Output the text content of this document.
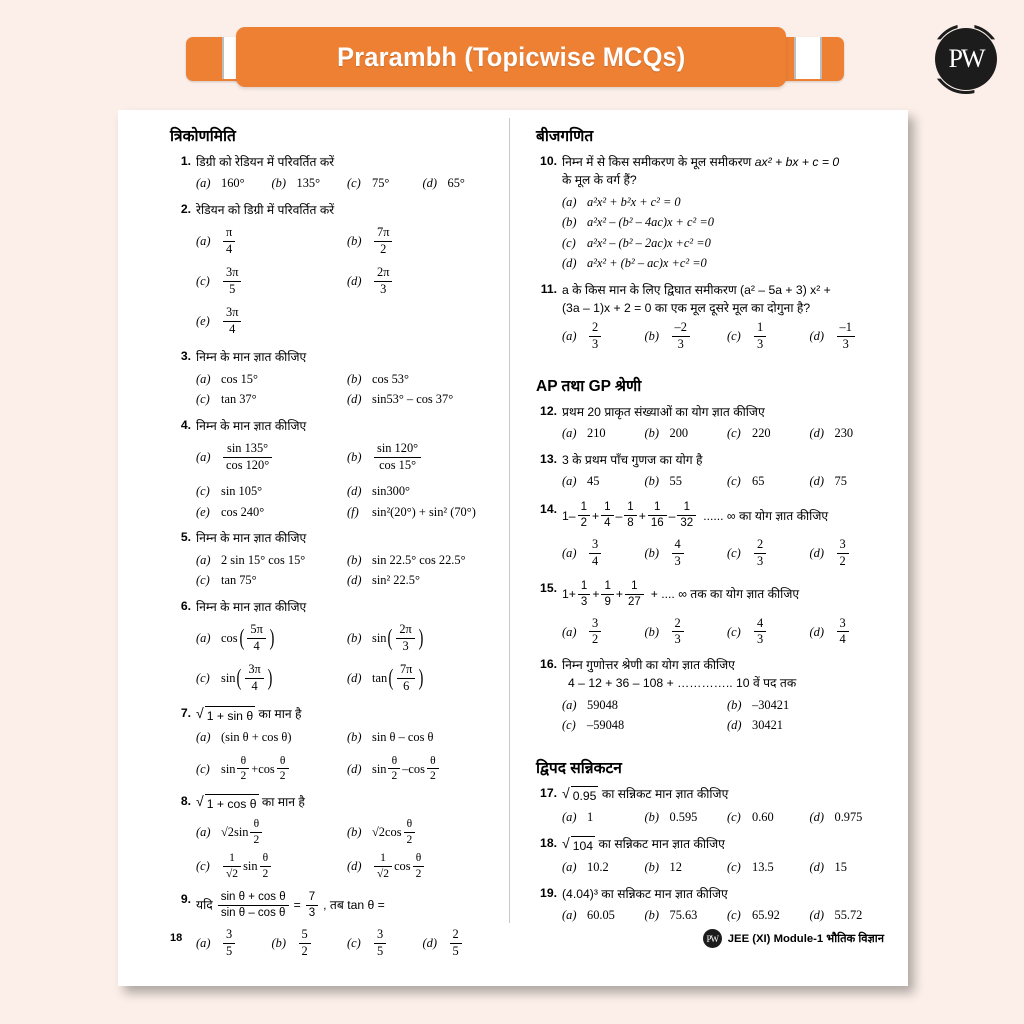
Prarambh (Topicwise MCQs)	PW
त्रिकोणमिति
1. डिग्री को रेडियन में परिवर्तित करें
(a) 160°	(b) 135°	(c) 75°	(d) 65°
2. रेडियन को डिग्री में परिवर्तित करें
(a)	$\frac{\pi}{4}$	(b)	$\frac{7\pi}{2}$
(c)	$\frac{3\pi}{5}$	(d)	$\frac{2\pi}{3}$
(e)	$\frac{3\pi}{4}$
3. निम्न के मान ज्ञात कीजिए
(a) cos 15°	(b) cos 53°
(c) tan 37°	(d) sin53° – cos 37°
4. निम्न के मान ज्ञात कीजिए
(a)	$\frac{\sin 135^\circ}{\cos 120^\circ}$	(b)	$\frac{\sin 120^\circ}{\cos 15^\circ}$
(c) sin 105°	(d) sin300°
(e) cos 240°	(f)	sin²(20°) + sin² (70°)
5. निम्न के मान ज्ञात कीजिए
(a) 2 sin 15° cos 15°	(b) sin 22.5° cos 22.5°
(c) tan 75°	(d) sin² 22.5°
6. निम्न के मान ज्ञात कीजिए
(a) cos ( $\frac{5\pi}{4}$ )	(b) sin ( $\frac{2\pi}{3}$ )
(c) sin ( $\frac{3\pi}{4}$ )	(d) tan ( $\frac{7\pi}{6}$ )
7. √ 1 + sin θ का मान है
(a) (sin θ + cos θ)	(b) sin θ – cos θ
(c) $\sin \frac{\theta}{2} + \cos \frac{\theta}{2}$	(d) $\sin \frac{\theta}{2}$ – $\cos \frac{\theta}{2}$
8. √ 1 + cos θ का मान है
(a) √2 $\sin \frac{\theta}{2}$	(b) √2 $\cos \frac{\theta}{2}$
(c)	$\frac{1}{√2}$ $\sin \frac{\theta}{2}$	(d)	$\frac{1}{√2}$ $\cos \frac{\theta}{2}$
9. यदि $\frac{\text{sin θ + cos θ}}{\text{sin θ – cos θ}} = \frac{7}{3}$ , तब tan θ =
(a)	$\frac{3}{5}$	(b)	$\frac{5}{2}$	(c)	$\frac{3}{5}$	(d)	$\frac{2}{5}$
बीजगणित
10. निम्न में से किस समीकरण के मूल समीकरण ax² + bx + c = 0
के मूल के वर्ग हैं?
(a) a²x² + b²x + c² = 0
(b) a²x² – (b² – 4ac)x + c² =0
(c) a²x² – (b² – 2ac)x +c² =0
(d) a²x² + (b² – ac)x +c² =0
11. a के किस मान के लिए द्विघात समीकरण (a² – 5a + 3) x² +
(3a – 1)x + 2 = 0 का एक मूल दूसरे मूल का दोगुना है?
(a)	$\frac{2}{3}$	(b)	$\frac{-2}{3}$	(c)	$\frac{1}{3}$	(d)	$\frac{-1}{3}$
AP तथा GP श्रेणी
12. प्रथम 20 प्राकृत संख्याओं का योग ज्ञात कीजिए
(a) 210	(b) 200	(c) 220	(d) 230
13. 3 के प्रथम पाँच गुणज का योग है
(a) 45	(b) 55	(c) 65	(d) 75
14. $1 - \frac{1}{2} + \frac{1}{4} - \frac{1}{8} + \frac{1}{16} - \frac{1}{32}$ ...... ∞ का योग ज्ञात कीजिए
(a)	$\frac{3}{4}$	(b)	$\frac{4}{3}$	(c)	$\frac{2}{3}$	(d)	$\frac{3}{2}$
15. $1 + \frac{1}{3} + \frac{1}{9} + \frac{1}{27}$ + .... ∞ तक का योग ज्ञात कीजिए
(a)	$\frac{3}{2}$	(b)	$\frac{2}{3}$	(c)	$\frac{4}{3}$	(d)	$\frac{3}{4}$
16. निम्न गुणोत्तर श्रेणी का योग ज्ञात कीजिए
4 – 12 + 36 – 108 + ………….. 10 वें पद तक
(a) 59048	(b) –30421
(c) –59048	(d) 30421
द्विपद सन्निकटन
17. √ 0.95 का सन्निकट मान ज्ञात कीजिए
(a) 1	(b) 0.595	(c) 0.60	(d) 0.975
18. √ 104 का सन्निकट मान ज्ञात कीजिए
(a) 10.2	(b) 12	(c) 13.5	(d) 15
19. (4.04)³ का सन्निकट मान ज्ञात कीजिए
(a) 60.05	(b) 75.63	(c) 65.92	(d) 55.72
18	PW JEE (XI) Module-1 भौतिक विज्ञान
